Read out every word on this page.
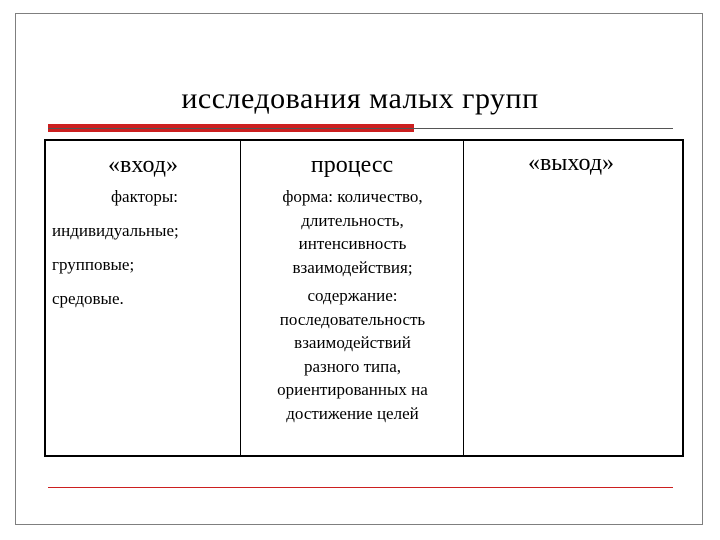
исследования малых групп
«вход»
факторы:
индивидуальные;
групповые;
средовые.
процесс
форма: количество,
длительность,
интенсивность
взаимодействия;
содержание:
последовательность
взаимодействий
разного типа,
ориентированных на
достижение целей
«выход»
